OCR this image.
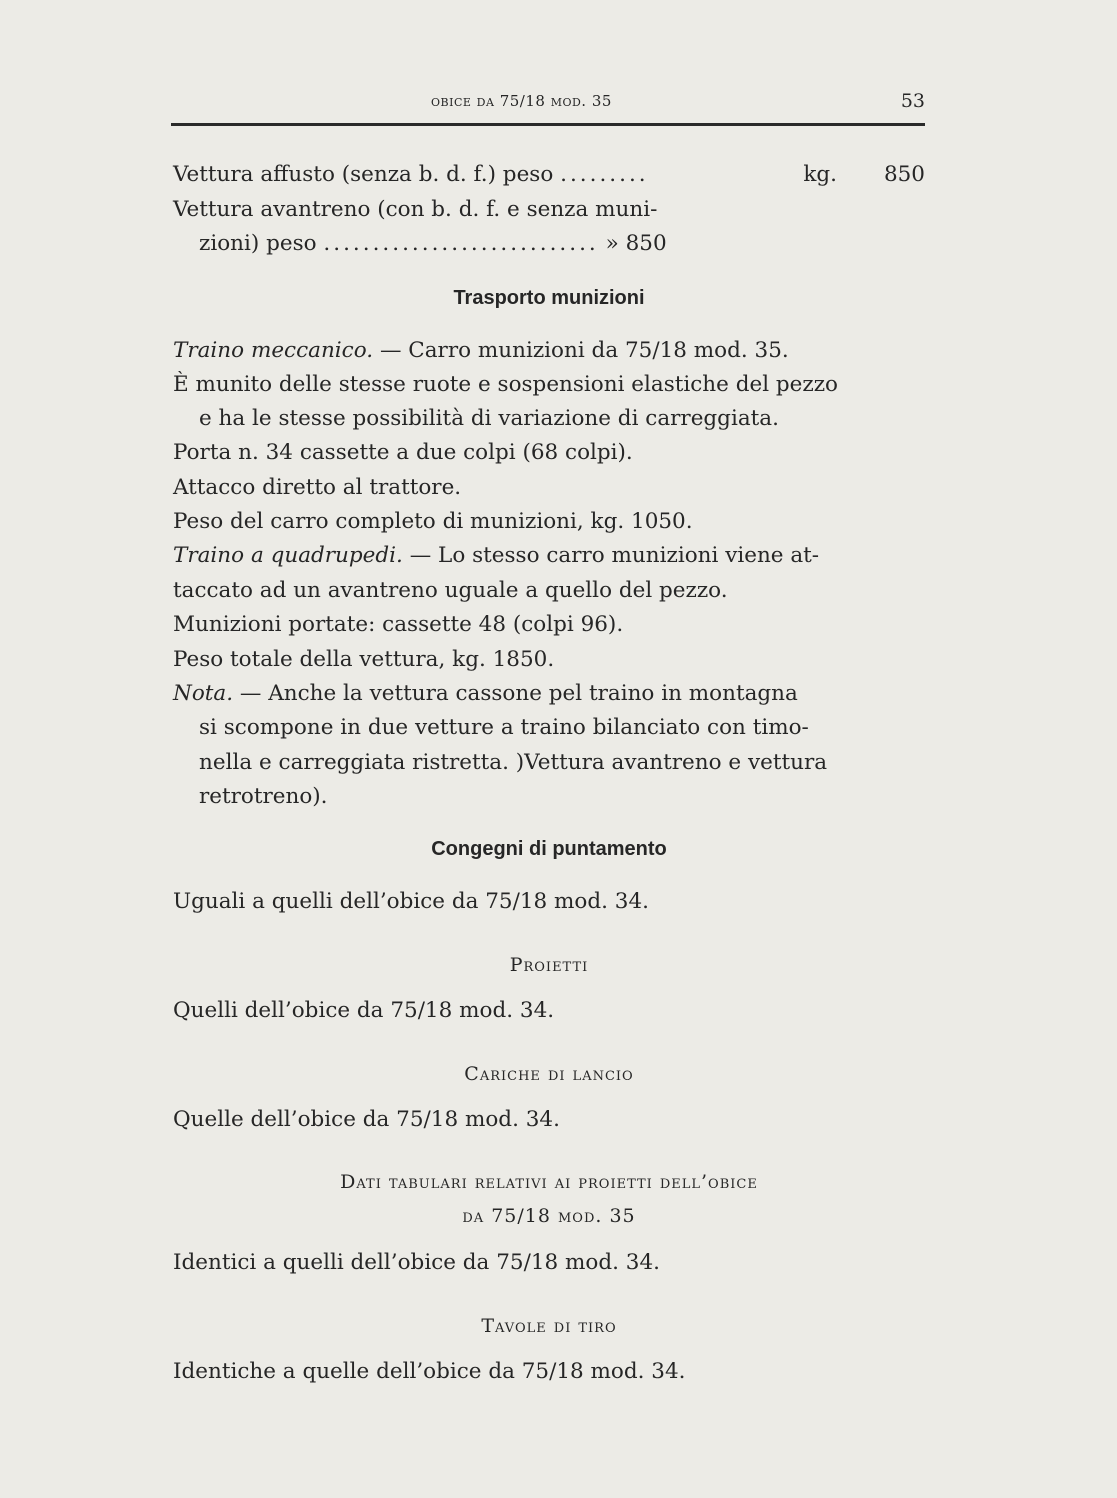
obice da 75/18 mod. 35	53
Vettura affusto (senza b. d. f.) peso .........	kg. 850
Vettura avantreno (con b. d. f. e senza muni-
zioni) peso ............................ » 850
Trasporto munizioni
Traino meccanico. — Carro munizioni da 75/18 mod. 35.
È munito delle stesse ruote e sospensioni elastiche del pezzo
e ha le stesse possibilità di variazione di carreggiata.
Porta n. 34 cassette a due colpi (68 colpi).
Attacco diretto al trattore.
Peso del carro completo di munizioni, kg. 1050.
Traino a quadrupedi. — Lo stesso carro munizioni viene at-
taccato ad un avantreno uguale a quello del pezzo.
Munizioni portate: cassette 48 (colpi 96).
Peso totale della vettura, kg. 1850.
Nota. — Anche la vettura cassone pel traino in montagna
si scompone in due vetture a traino bilanciato con timo-
nella e carreggiata ristretta. )Vettura avantreno e vettura
retrotreno).
Congegni di puntamento
Uguali a quelli dell’obice da 75/18 mod. 34.
Proietti
Quelli dell’obice da 75/18 mod. 34.
Cariche di lancio
Quelle dell’obice da 75/18 mod. 34.
Dati tabulari relativi ai proietti dell’obice
da 75/18 mod. 35
Identici a quelli dell’obice da 75/18 mod. 34.
Tavole di tiro
Identiche a quelle dell’obice da 75/18 mod. 34.
